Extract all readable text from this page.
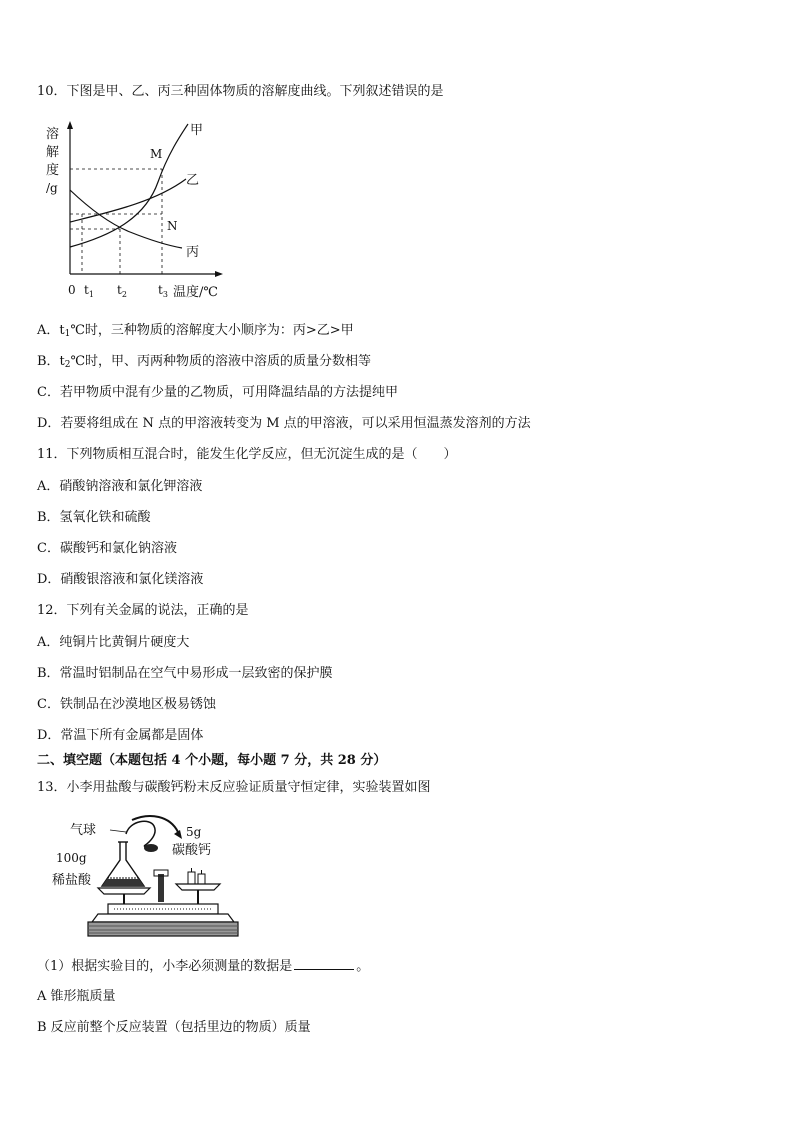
10．下图是甲、乙、丙三种固体物质的溶解度曲线。下列叙述错误的是
溶
解
度
/g
0 $t_1$ $t_2$	$t_3$ 温度/℃
甲
乙
丙
M
N
A．$t_1℃$时，三种物质的溶解度大小顺序为：丙>乙>甲
B．$t_2℃$时，甲、丙两种物质的溶液中溶质的质量分数相等
C．若甲物质中混有少量的乙物质，可用降温结晶的方法提纯甲
D．若要将组成在 N 点的甲溶液转变为 M 点的甲溶液，可以采用恒温蒸发溶剂的方法
11．下列物质相互混合时，能发生化学反应，但无沉淀生成的是（　　）
A．硝酸钠溶液和氯化钾溶液
B．氢氧化铁和硫酸
C．碳酸钙和氯化钠溶液
D．硝酸银溶液和氯化镁溶液
12．下列有关金属的说法，正确的是
A．纯铜片比黄铜片硬度大
B．常温时铝制品在空气中易形成一层致密的保护膜
C．铁制品在沙漠地区极易锈蚀
D．常温下所有金属都是固体
二、填空题（本题包括 4 个小题，每小题 7 分，共 28 分）
13．小李用盐酸与碳酸钙粉末反应验证质量守恒定律，实验装置如图
气球	5g
碳酸钙
100g
稀盐酸
（1）根据实验目的，小李必须测量的数据是	。
A 锥形瓶质量
B 反应前整个反应装置（包括里边的物质）质量
